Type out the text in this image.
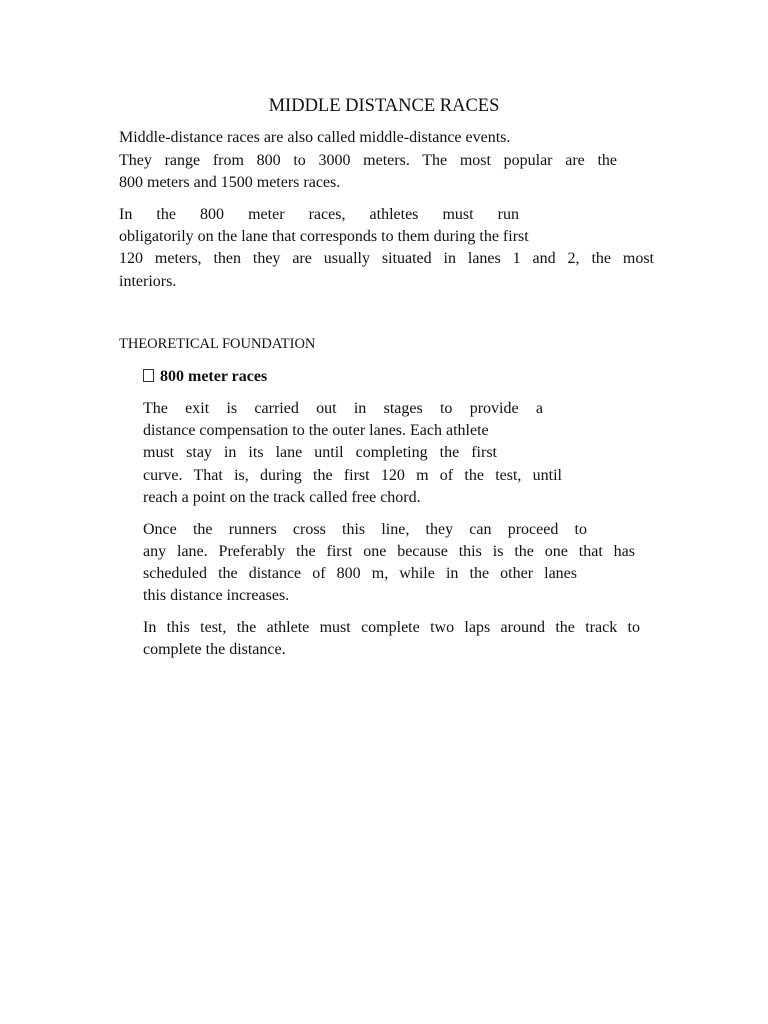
MIDDLE DISTANCE RACES
Middle-distance races are also called middle-distance events.
They range from 800 to 3000 meters. The most popular are the
800 meters and 1500 meters races.
In the 800 meter races, athletes must run
obligatorily on the lane that corresponds to them during the first
120 meters, then they are usually situated in lanes 1 and 2, the most
interiors.
THEORETICAL FOUNDATION
800 meter races
The exit is carried out in stages to provide a
distance compensation to the outer lanes. Each athlete
must stay in its lane until completing the first
curve. That is, during the first 120 m of the test, until
reach a point on the track called free chord.
Once the runners cross this line, they can proceed to
any lane. Preferably the first one because this is the one that has
scheduled the distance of 800 m, while in the other lanes
this distance increases.
In this test, the athlete must complete two laps around the track to
complete the distance.
